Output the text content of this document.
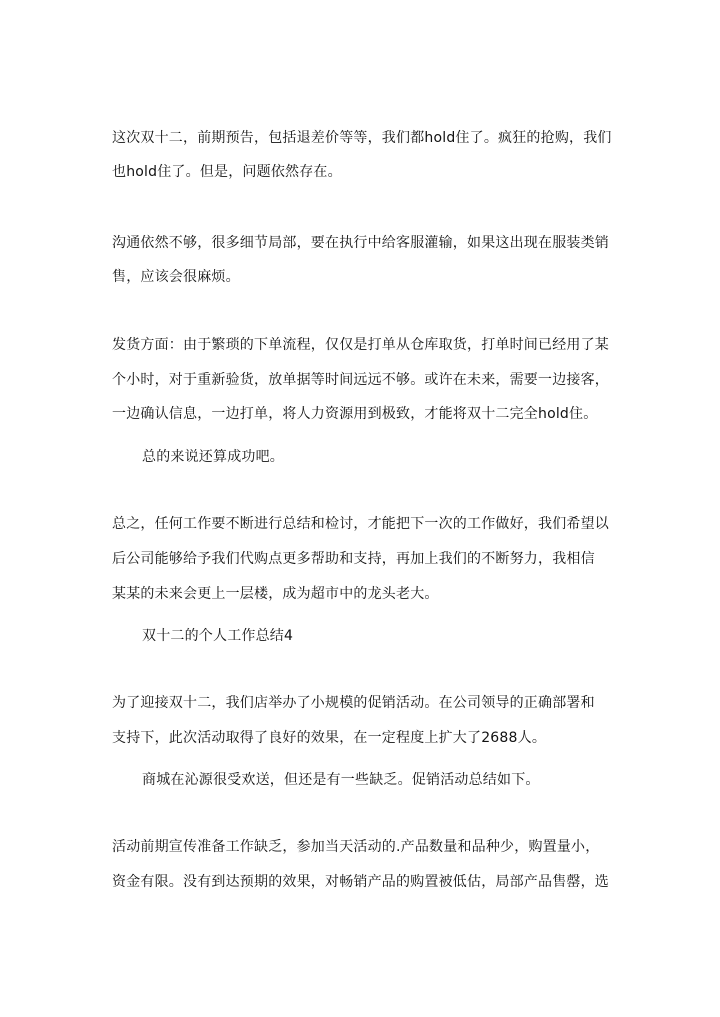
这次双十二，前期预告，包括退差价等等，我们都hold住了。疯狂的抢购，我们
也hold住了。但是，问题依然存在。
沟通依然不够，很多细节局部，要在执行中给客服灌输，如果这出现在服装类销
售，应该会很麻烦。
发货方面：由于繁琐的下单流程，仅仅是打单从仓库取货，打单时间已经用了某
个小时，对于重新验货，放单据等时间远远不够。或许在未来，需要一边接客，
一边确认信息，一边打单，将人力资源用到极致，才能将双十二完全hold住。
总的来说还算成功吧。
总之，任何工作要不断进行总结和检讨，才能把下一次的工作做好，我们希望以
后公司能够给予我们代购点更多帮助和支持，再加上我们的不断努力，我相信
某某的未来会更上一层楼，成为超市中的龙头老大。
双十二的个人工作总结4
为了迎接双十二，我们店举办了小规模的促销活动。在公司领导的正确部署和
支持下，此次活动取得了良好的效果，在一定程度上扩大了2688人。
商城在沁源很受欢送，但还是有一些缺乏。促销活动总结如下。
活动前期宣传准备工作缺乏，参加当天活动的.产品数量和品种少，购置量小，
资金有限。没有到达预期的效果，对畅销产品的购置被低估，局部产品售罄，选
